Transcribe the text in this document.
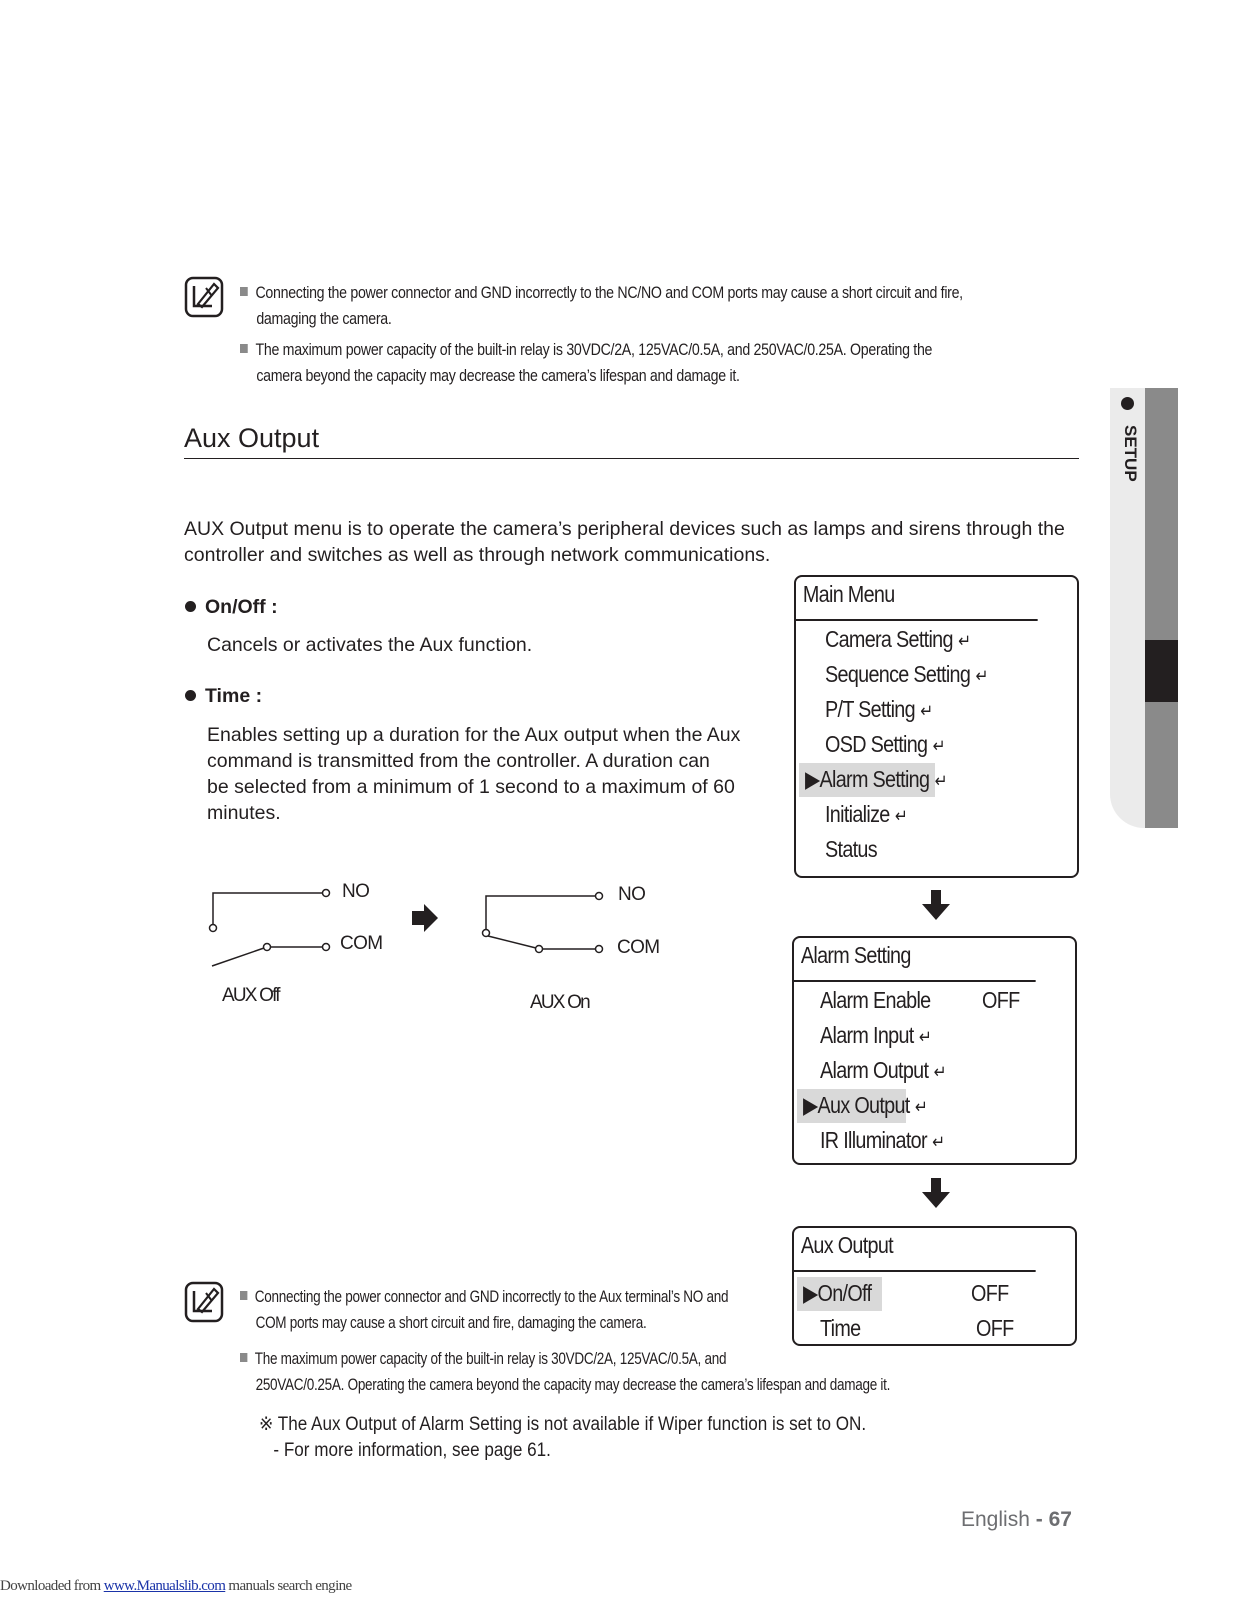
Connecting the power connector and GND incorrectly to the NC/NO and COM ports may cause a short circuit and fire,
damaging the camera.
The maximum power capacity of the built-in relay is 30VDC/2A, 125VAC/0.5A, and 250VAC/0.25A. Operating the
camera beyond the capacity may decrease the camera’s lifespan and damage it.
SETUP
Aux Output
AUX Output menu is to operate the camera’s peripheral devices such as lamps and sirens through the
controller and switches as well as through network communications.
On/Off :
Cancels or activates the Aux function.
Time :
Enables setting up a duration for the Aux output when the Aux
command is transmitted from the controller. A duration can
be selected from a minimum of 1 second to a maximum of 60
minutes.
NO
COM
AUX Off
NO
COM
AUX On
Main Menu
Camera Setting ↵
Sequence Setting ↵
P/T Setting ↵
OSD Setting ↵
▶Alarm Setting ↵
Initialize ↵
Status
Alarm Setting
Alarm Enable OFF
Alarm Input ↵
Alarm Output ↵
▶Aux Output ↵
IR Illuminator ↵
Aux Output
▶On/Off	OFF
Time	OFF
Connecting the power connector and GND incorrectly to the Aux terminal’s NO and
COM ports may cause a short circuit and fire, damaging the camera.
The maximum power capacity of the built-in relay is 30VDC/2A, 125VAC/0.5A, and
250VAC/0.25A. Operating the camera beyond the capacity may decrease the camera’s lifespan and damage it.
※ The Aux Output of Alarm Setting is not available if Wiper function is set to ON.
- For more information, see page 61.
English - 67
Downloaded from www.Manualslib.com manuals search engine
